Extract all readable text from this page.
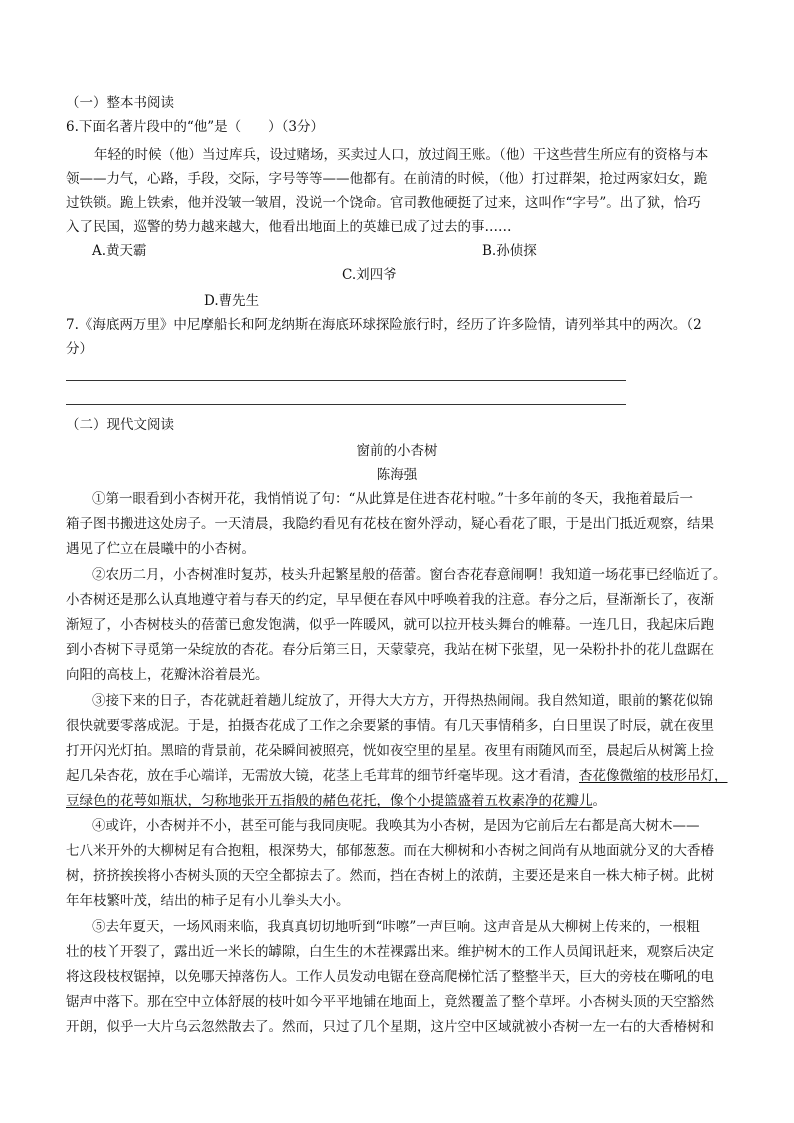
（一）整本书阅读
6.下面名著片段中的“他”是（　　）（3分）
年轻的时候（他）当过库兵，设过赌场，买卖过人口，放过阎王账。（他）干这些营生所应有的资格与本
领——力气，心路，手段，交际，字号等等——他都有。在前清的时候，（他）打过群架，抢过两家妇女，跪
过铁锁。跪上铁索，他并没皱一皱眉，没说一个饶命。官司教他硬挺了过来，这叫作“字号”。出了狱，恰巧
入了民国，巡警的势力越来越大，他看出地面上的英雄已成了过去的事……
A.黄天霸	B.孙侦探
C.刘四爷
D.曹先生
7.《海底两万里》中尼摩船长和阿龙纳斯在海底环球探险旅行时，经历了许多险情，请列举其中的两次。（2
分）
（二）现代文阅读
窗前的小杏树
陈海强
①第一眼看到小杏树开花，我悄悄说了句：“从此算是住进杏花村啦。”十多年前的冬天，我拖着最后一
箱子图书搬进这处房子。一天清晨，我隐约看见有花枝在窗外浮动，疑心看花了眼，于是出门抵近观察，结果
遇见了伫立在晨曦中的小杏树。
②农历二月，小杏树准时复苏，枝头升起繁星般的蓓蕾。窗台杏花春意闹啊！我知道一场花事已经临近了。
小杏树还是那么认真地遵守着与春天的约定，早早便在春风中呼唤着我的注意。春分之后，昼渐渐长了，夜渐
渐短了，小杏树枝头的蓓蕾已愈发饱满，似乎一阵暖风，就可以拉开枝头舞台的帷幕。一连几日，我起床后跑
到小杏树下寻觅第一朵绽放的杏花。春分后第三日，天蒙蒙亮，我站在树下张望，见一朵粉扑扑的花儿盘踞在
向阳的高枝上，花瓣沐浴着晨光。
③接下来的日子，杏花就赶着趟儿绽放了，开得大大方方，开得热热闹闹。我自然知道，眼前的繁花似锦
很快就要零落成泥。于是，拍摄杏花成了工作之余要紧的事情。有几天事情稍多，白日里误了时辰，就在夜里
打开闪光灯拍。黑暗的背景前，花朵瞬间被照亮，恍如夜空里的星星。夜里有雨随风而至，晨起后从树篱上捡
起几朵杏花，放在手心端详，无需放大镜，花茎上毛茸茸的细节纤毫毕现。这才看清，杏花像微缩的枝形吊灯，
豆绿色的花萼如瓶状，匀称地张开五指般的赭色花托，像个小提篮盛着五枚素净的花瓣儿。
④或许，小杏树并不小，甚至可能与我同庚呢。我唤其为小杏树，是因为它前后左右都是高大树木——
七八米开外的大柳树足有合抱粗，根深势大，郁郁葱葱。而在大柳树和小杏树之间尚有从地面就分叉的大香椿
树，挤挤挨挨将小杏树头顶的天空全都掠去了。然而，挡在杏树上的浓荫，主要还是来自一株大柿子树。此树
年年枝繁叶茂，结出的柿子足有小儿拳头大小。
⑤去年夏天，一场风雨来临，我真真切切地听到“咔嚓”一声巨响。这声音是从大柳树上传来的，一根粗
壮的枝丫开裂了，露出近一米长的罅隙，白生生的木茬裸露出来。维护树木的工作人员闻讯赶来，观察后决定
将这段枝杈锯掉，以免哪天掉落伤人。工作人员发动电锯在登高爬梯忙活了整整半天，巨大的旁枝在嘶吼的电
锯声中落下。那在空中立体舒展的枝叶如今平平地铺在地面上，竟然覆盖了整个草坪。小杏树头顶的天空豁然
开朗，似乎一大片乌云忽然散去了。然而，只过了几个星期，这片空中区域就被小杏树一左一右的大香椿树和
